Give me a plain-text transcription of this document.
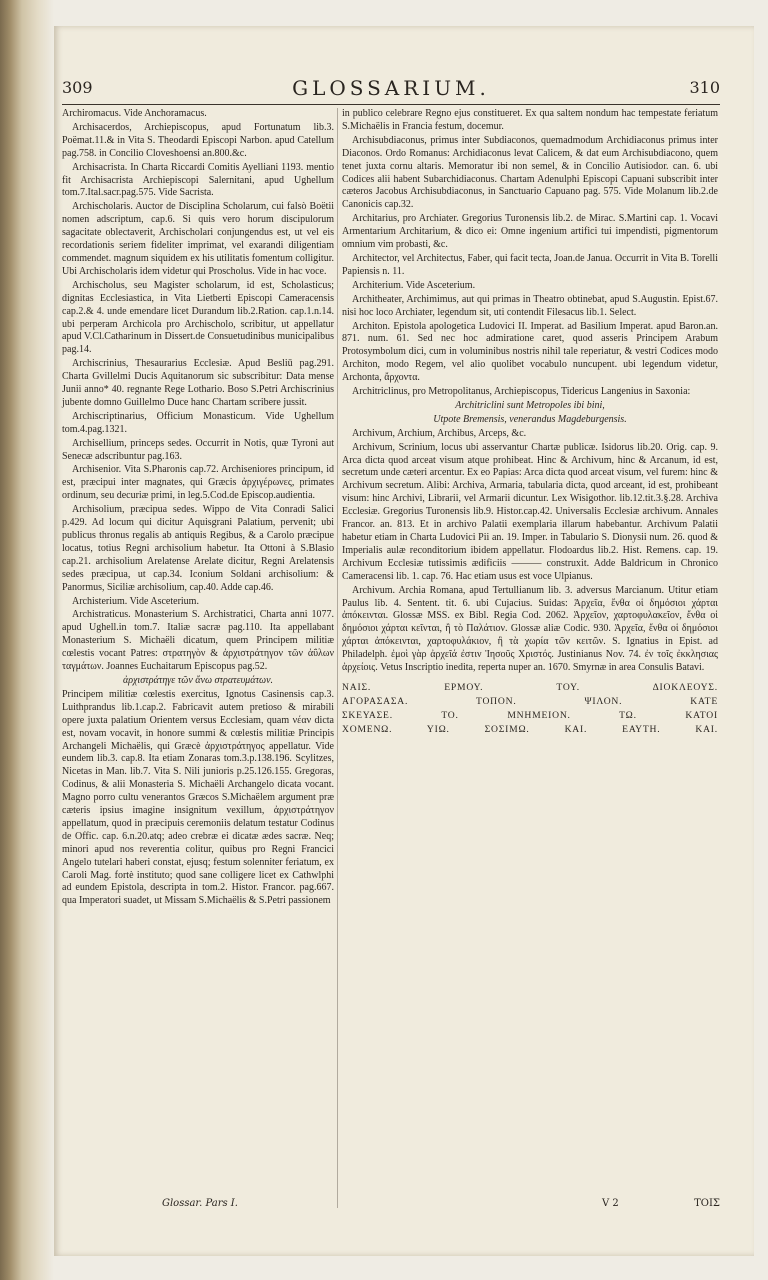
309	GLOSSARIUM.	310

Archiromacus. Vide Anchoramacus.

Archisacerdos, Archiepiscopus, apud Fortunatum lib.3. Poëmat.11.& in Vita S. Theodardi Episcopi Narbon. apud Catellum pag.758. in Concilio Cloveshoensi an.800.&c.

Archisacrista. In Charta Riccardi Comitis Ayelliani 1193. mentio fit Archisacrista Archiepiscopi Salernitani, apud Ughellum tom.7.Ital.sacr.pag.575. Vide Sacrista.

Archischolaris. Auctor de Disciplina Scholarum, cui falsò Boëtii nomen adscriptum, cap.6. Si quis vero horum discipulorum sagacitate oblectaverit, Archischolari conjungendus est, ut vel eis recordationis seriem fideliter imprimat, vel exarandi diligentiam commendet. magnum siquidem ex his utilitatis fomentum colligitur. Ubi Archischolaris idem videtur qui Proscholus. Vide in hac voce.

Archischolus, seu Magister scholarum, id est, Scholasticus; dignitas Ecclesiastica, in Vita Lietberti Episcopi Cameracensis cap.2.& 4. unde emendare licet Durandum lib.2.Ration. cap.1.n.14. ubi perperam Archicola pro Archischolo, scribitur, ut appellatur apud V.Cl.Catharinum in Dissert.de Consuetudinibus municipalibus pag.14.

Archiscrinius, Thesaurarius Ecclesiæ. Apud Besliū pag.291. Charta Gvillelmi Ducis Aquitanorum sic subscribitur: Data mense Junii anno* 40. regnante Rege Lothario. Boso S.Petri Archiscrinius jubente domno Guillelmo Duce hanc Chartam scribere jussit.

Archiscriptinarius, Officium Monasticum. Vide Ughellum tom.4.pag.1321.

Archisellium, princeps sedes. Occurrit in Notis, quæ Tyroni aut Senecæ adscribuntur pag.163.

Archisenior. Vita S.Pharonis cap.72. Archiseniores principum, id est, præcipui inter magnates, qui Græcis ἀρχιγέρωνες, primates ordinum, seu decuriæ primi, in leg.5.Cod.de Episcop.audientia.

Archisolium, præcipua sedes. Wippo de Vita Conradi Salici p.429. Ad locum qui dicitur Aquisgrani Palatium, pervenit; ubi publicus thronus regalis ab antiquis Regibus, & a Carolo præcipue locatus, totius Regni archisolium habetur. Ita Ottoni à S.Blasio cap.21. archisolium Arelatense Arelate dicitur, Regni Arelatensis sedes præcipua, ut cap.34. Iconium Soldani archisolium: & Panormus, Siciliæ archisolium, cap.40. Adde cap.46.

Archisterium. Vide Asceterium.

Archistraticus. Monasterium S. Archistratici, Charta anni 1077. apud Ughell.in tom.7. Italiæ sacræ pag.110. Ita appellabant Monasterium S. Michaëli dicatum, quem Principem militiæ cœlestis vocant Patres: στρατηγὸν & ἀρχιστράτηγον τῶν ἀΰλων ταγμάτων. Joannes Euchaitarum Episcopus pag.52.

ἀρχιστράτηγε τῶν ἄνω στρατευμάτων.

Principem militiæ cœlestis exercitus, Ignotus Casinensis cap.3. Luithprandus lib.1.cap.2. Fabricavit autem pretioso & mirabili opere juxta palatium Orientem versus Ecclesiam, quam νέαν dicta est, novam vocavit, in honore summi & cœlestis militiæ Principis Archangeli Michaëlis, qui Græcè ἀρχιστράτηγος appellatur. Vide eundem lib.3. cap.8. Ita etiam Zonaras tom.3.p.138.196. Scylitzes, Nicetas in Man. lib.7. Vita S. Nili junioris p.25.126.155. Gregoras, Codinus, & alii Monasteria S. Michaëli Archangelo dicata vocant. Magno porro cultu venerantos Græcos S.Michaëlem argument præ cæteris ipsius imagine insignitum vexillum, ἀρχιστράτηγον appellatum, quod in præcipuis ceremoniis delatum testatur Codinus de Offic. cap. 6.n.20.atq; adeo crebræ ei dicatæ ædes sacræ. Neq; minori apud nos reverentia colitur, quibus pro Regni Francici Angelo tutelari haberi constat, ejusq; festum solenniter feriatum, ex Caroli Mag. fortè instituto; quod sane colligere licet ex Cathwlphi ad eundem Epistola, descripta in tom.2. Histor. Francor. pag.667. qua Imperatori suadet, ut Missam S.Michaëlis & S.Petri passionem

in publico celebrare Regno ejus constitueret. Ex qua saltem nondum hac tempestate feriatum S.Michaëlis in Francia festum, docemur.

Archisubdiaconus, primus inter Subdiaconos, quemadmodum Archidiaconus primus inter Diaconos. Ordo Romanus: Archidiaconus levat Calicem, & dat eum Archisubdiacono, quem tenet juxta cornu altaris. Memoratur ibi non semel, & in Concilio Autisiodor. can. 6. ubi Codices alii habent Subarchidiaconus. Chartam Adenulphi Episcopi Capuani subscribit inter cæteros Jacobus Archisubdiaconus, in Sanctuario Capuano pag. 575. Vide Molanum lib.2.de Canonicis cap.32.

Architarius, pro Archiater. Gregorius Turonensis lib.2. de Mirac. S.Martini cap. 1. Vocavi Armentarium Architarium, & dico ei: Omne ingenium artifici tui impendisti, pigmentorum omnium vim probasti, &c.

Architector, vel Architectus, Faber, qui facit tecta, Joan.de Janua. Occurrit in Vita B. Torelli Papiensis n. 11.

Architerium. Vide Asceterium.

Architheater, Archimimus, aut qui primas in Theatro obtinebat, apud S.Augustin. Epist.67. nisi hoc loco Archiater, legendum sit, uti contendit Filesacus lib.1. Select.

Architon. Epistola apologetica Ludovici II. Imperat. ad Basilium Imperat. apud Baron.an. 871. num. 61. Sed nec hoc admiratione caret, quod asseris Principem Arabum Protosymbolum dici, cum in voluminibus nostris nihil tale reperiatur, & vestri Codices modo Architon, modo Regem, vel alio quolibet vocabulo nuncupent. ubi legendum videtur, Archonta, ἄρχοντα.

Architriclinus, pro Metropolitanus, Archiepiscopus, Tidericus Langenius in Saxonia:

Architriclini sunt Metropoles ibi bini,

Utpote Bremensis, venerandus Magdeburgensis.

Archivum, Archium, Archibus, Arceps, &c.

Archivum, Scrinium, locus ubi asservantur Chartæ publicæ. Isidorus lib.20. Orig. cap. 9. Arca dicta quod arceat visum atque prohibeat. Hinc & Archivum, hinc & Arcanum, id est, secretum unde cæteri arcentur. Ex eo Papias: Arca dicta quod arceat visum, vel furem: hinc & Archivum secretum. Alibi: Archiva, Armaria, tabularia dicta, quod arceant, id est, prohibeant visum: hinc Archivi, Librarii, vel Armarii dicuntur. Lex Wisigothor. lib.12.tit.3.§.28. Archiva Ecclesiæ. Gregorius Turonensis lib.9. Histor.cap.42. Universalis Ecclesiæ archivum. Annales Francor. an. 813. Et in archivo Palatii exemplaria illarum habebantur. Archivum Palatii habetur etiam in Charta Ludovici Pii an. 19. Imper. in Tabulario S. Dionysii num. 26. quod & Imperialis aulæ reconditorium ibidem appellatur. Flodoardus lib.2. Hist. Remens. cap. 19. Archivum Ecclesiæ tutissimis ædificiis ——— construxit. Adde Baldricum in Chronico Cameracensi lib. 1. cap. 76. Hac etiam usus est voce Ulpianus.

Archivum. Archia Romana, apud Tertullianum lib. 3. adversus Marcianum. Utitur etiam Paulus lib. 4. Sentent. tit. 6. ubi Cujacius. Suidas: Ἀρχεῖα, ἔνθα οἱ δημόσιοι χάρται ἀπόκεινται. Glossæ MSS. ex Bibl. Regia Cod. 2062. Ἀρχεῖον, χαρτοφυλακεῖον, ἔνθα οἱ δημόσιοι χάρται κεῖνται, ἢ τὸ Παλάτιον. Glossæ aliæ Codic. 930. Ἀρχεῖα, ἔνθα οἱ δημόσιοι χάρται ἀπόκεινται, χαρτοφυλάκιον, ἢ τὰ χωρία τῶν κειτῶν. S. Ignatius in Epist. ad Philadelph. ἐμοὶ γὰρ ἀρχεῖά ἐστιν Ἰησοῦς Χριστός. Justinianus Nov. 74. ἐν τοῖς ἐκκλησιας ἀρχείοις. Vetus Inscriptio inedita, reperta nuper an. 1670. Smyrnæ in area Consulis Batavi.

ΝΑΙΣ. ΕΡΜΟΥ. ΤΟΥ. ΔΙΟΚΛΕΟΥΣ.
ΑΓΟΡΑΣΑΣΑ. ΤΟΠΟΝ. ΨΙΛΟΝ. ΚΑΤΕ
ΣΚΕΥΑΣΕ. ΤΟ. ΜΝΗΜΕΙΟΝ. ΤΩ. ΚΑΤΟΙ
ΧΟΜΕΝΩ. ΥΙΩ. ΣΟΣΙΜΩ. ΚΑΙ. ΕΑΥΤΗ. ΚΑΙ.
Glossar. Pars I.	V 2	ΤΟΙΣ
